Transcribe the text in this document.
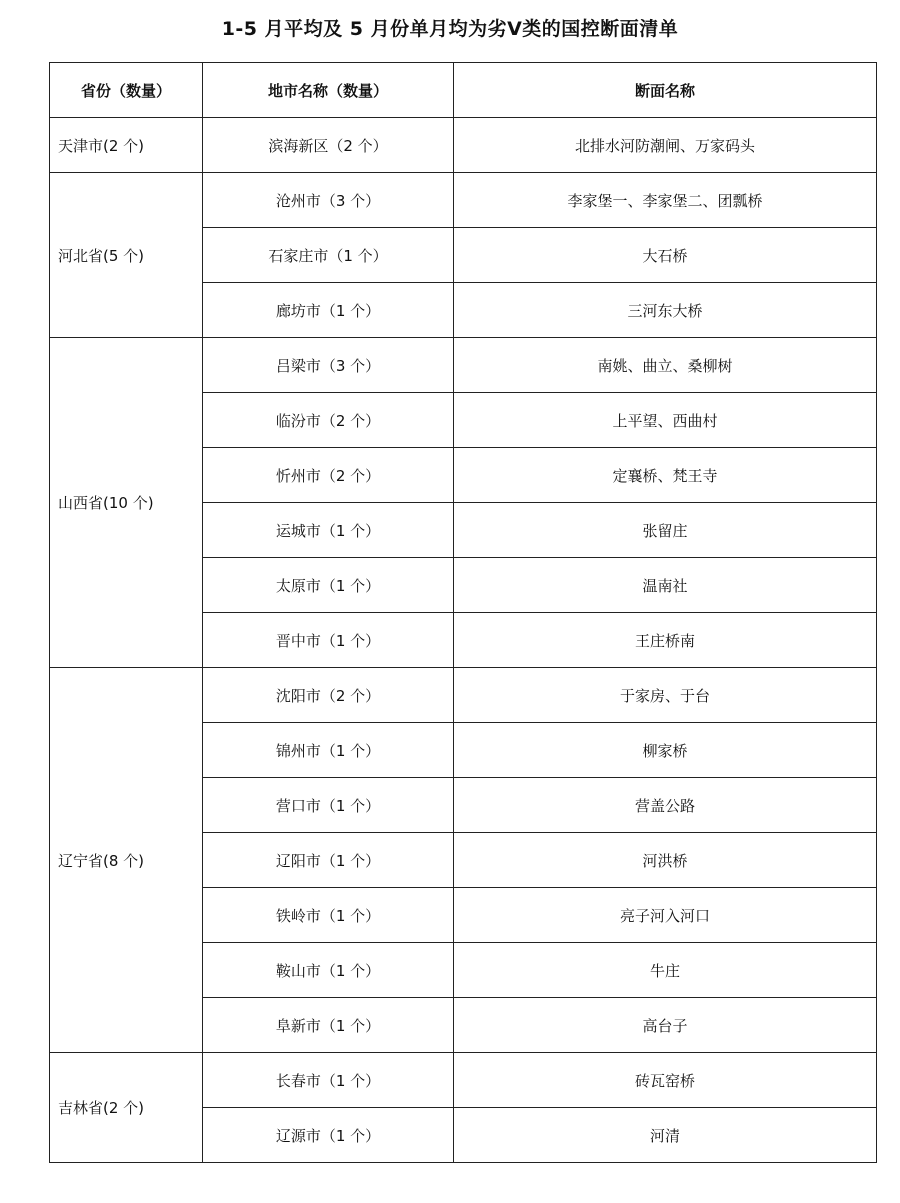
1-5 月平均及 5 月份单月均为劣Ⅴ类的国控断面清单
省份（数量）	地市名称（数量）	断面名称
天津市(2 个)	滨海新区（2 个）	北排水河防潮闸、万家码头
河北省(5 个)	沧州市（3 个）	李家堡一、李家堡二、团瓢桥
	石家庄市（1 个）	大石桥
	廊坊市（1 个）	三河东大桥
山西省(10 个)	吕梁市（3 个）	南姚、曲立、桑柳树
	临汾市（2 个）	上平望、西曲村
	忻州市（2 个）	定襄桥、梵王寺
	运城市（1 个）	张留庄
	太原市（1 个）	温南社
	晋中市（1 个）	王庄桥南
辽宁省(8 个)	沈阳市（2 个）	于家房、于台
	锦州市（1 个）	柳家桥
	营口市（1 个）	营盖公路
	辽阳市（1 个）	河洪桥
	铁岭市（1 个）	亮子河入河口
	鞍山市（1 个）	牛庄
	阜新市（1 个）	高台子
吉林省(2 个)	长春市（1 个）	砖瓦窑桥
	辽源市（1 个）	河清
